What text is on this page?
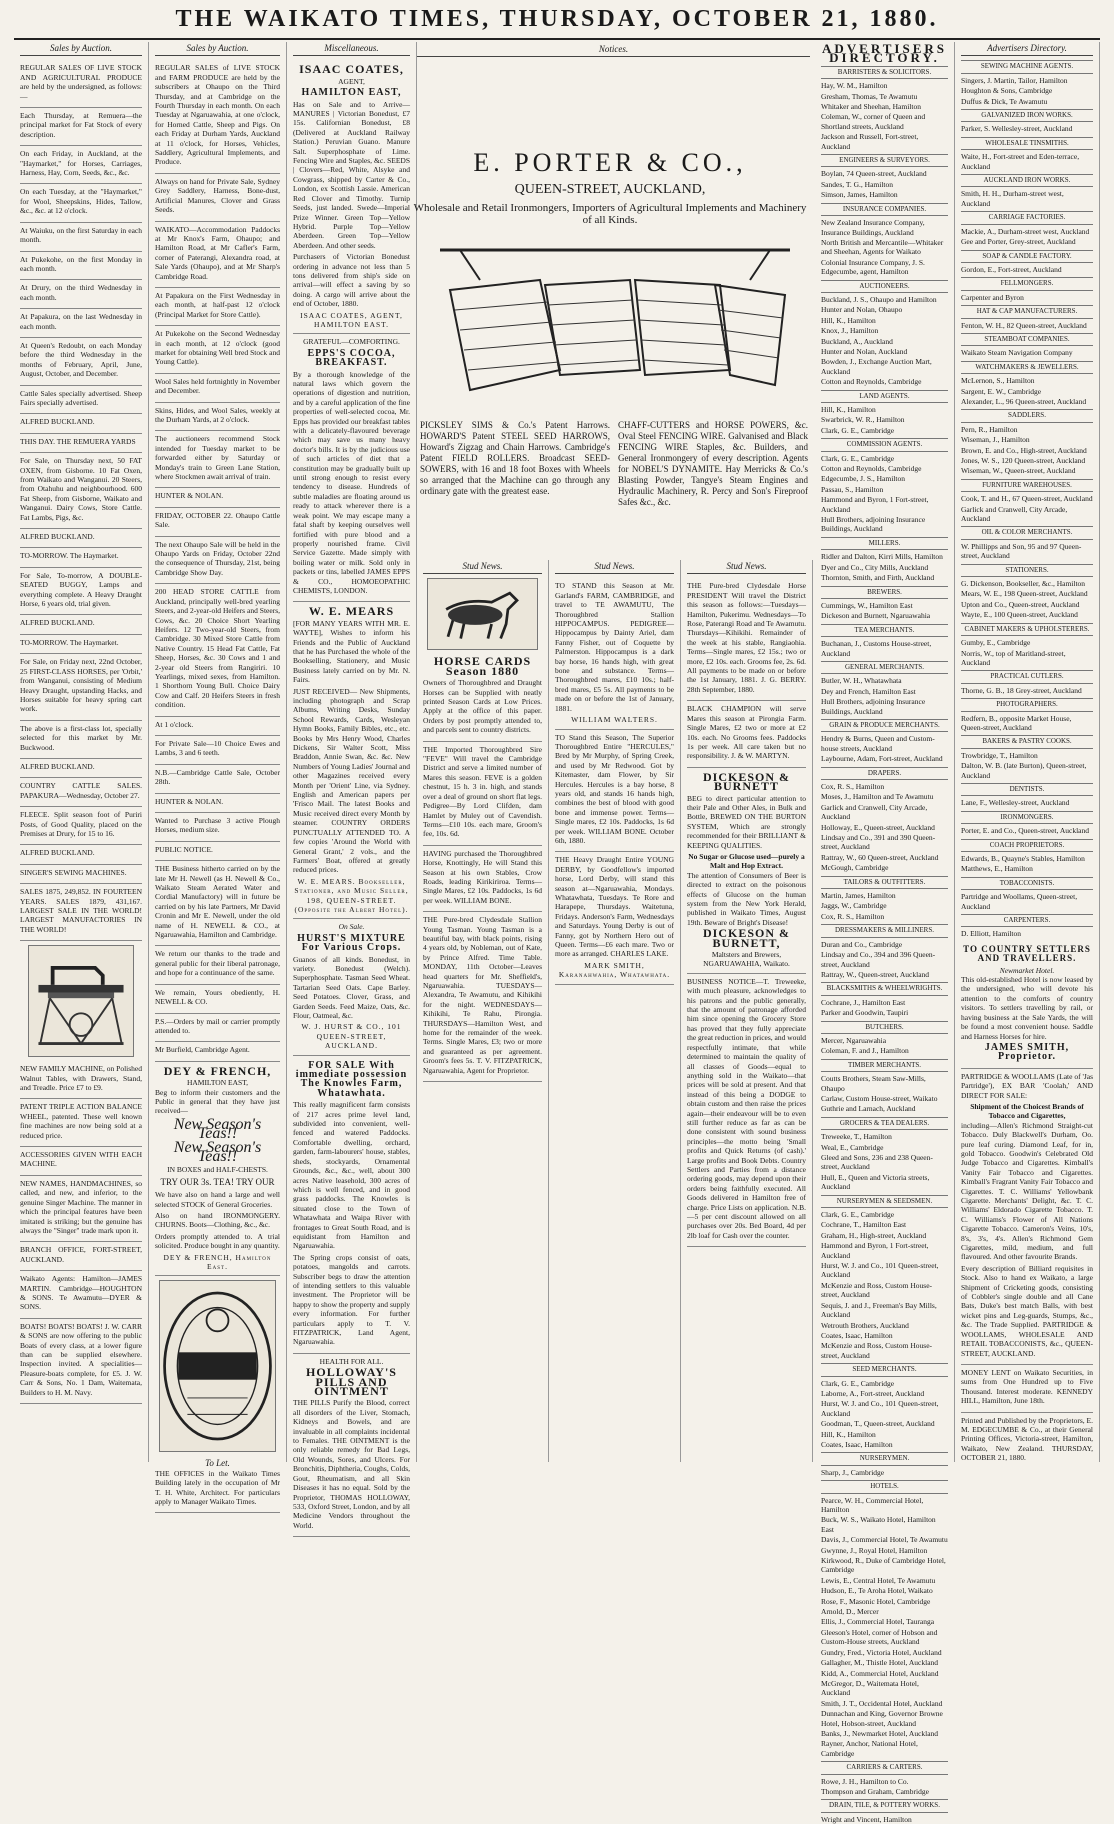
THE WAIKATO TIMES, THURSDAY, OCTOBER 21, 1880.
Sales by Auction.

REGULAR SALES OF LIVE STOCK AND AGRICULTURAL PRODUCE are held by the undersigned, as follows:—

Each Thursday, at Remuera—the principal market for Fat Stock of every description.

On each Friday, in Auckland, at the "Haymarket," for Horses, Carriages, Harness, Hay, Corn, Seeds, &c., &c.

On each Tuesday, at the "Haymarket," for Wool, Sheepskins, Hides, Tallow, &c., &c. at 12 o'clock.

At Waiuku, on the first Saturday in each month.

At Pukekohe, on the first Monday in each month.

At Drury, on the third Wednesday in each month.

At Papakura, on the last Wednesday in each month.

At Queen's Redoubt, on each Monday before the third Wednesday in the months of February, April, June, August, October, and December.

Cattle Sales specially advertised. Sheep Fairs specially advertised.

ALFRED BUCKLAND.

THIS DAY. THE REMUERA YARDS

For Sale, on Thursday next, 50 FAT OXEN, from Gisborne. 10 Fat Oxen, from Waikato and Wanganui. 20 Steers, from Otahuhu and neighbourhood. 600 Fat Sheep, from Gisborne, Waikato and Wanganui. Dairy Cows, Store Cattle. Fat Lambs, Pigs, &c.

ALFRED BUCKLAND.

TO-MORROW. The Haymarket.

For Sale, To-morrow, A DOUBLE-SEATED BUGGY, Lamps and everything complete. A Heavy Draught Horse, 6 years old, trial given.

ALFRED BUCKLAND.

TO-MORROW. The Haymarket.

For Sale, on Friday next, 22nd October, 25 FIRST-CLASS HORSES, per 'Orbit,' from Wanganui, consisting of Medium Heavy Draught, upstanding Hacks, and Horses suitable for heavy spring cart work.

The above is a first-class lot, specially selected for this market by Mr. Buckwood.

ALFRED BUCKLAND.

COUNTRY CATTLE SALES. PAPAKURA—Wednesday, October 27.

FLEECE. Split season foot of Puriri Posts, of Good Quality, placed on the Premises at Drury, for 15 to 16.

ALFRED BUCKLAND.

SINGER'S SEWING MACHINES.

SALES 1875, 249,852. IN FOURTEEN YEARS. SALES 1879, 431,167. LARGEST SALE IN THE WORLD! LARGEST MANUFACTORIES IN THE WORLD!

NEW FAMILY MACHINE, on Polished Walnut Tables, with Drawers, Stand, and Treadle. Price £7 to £9.

PATENT TRIPLE ACTION BALANCE WHEEL, patented. These well known fine machines are now being sold at a reduced price.

ACCESSORIES GIVEN WITH EACH MACHINE.

NEW NAMES, HANDMACHINES, so called, and new, and inferior, to the genuine Singer Machine. The manner in which the principal features have been imitated is striking; but the genuine has always the "Singer" trade mark upon it.

BRANCH OFFICE, FORT-STREET, AUCKLAND.

Waikato Agents: Hamilton—JAMES MARTIN. Cambridge—HOUGHTON & SONS. Te Awamutu—DYER & SONS.

BOATS! BOATS! BOATS! J. W. CARR & SONS are now offering to the public Boats of every class, at a lower figure than can be supplied elsewhere. Inspection invited. A specialities—Pleasure-boats complete, for £5. J. W. Carr & Sons, No. 1 Dam, Waitemata, Builders to H. M. Navy.

Sales by Auction.

REGULAR SALES of LIVE STOCK and FARM PRODUCE are held by the subscribers at Ohaupo on the Third Thursday, and at Cambridge on the Fourth Thursday in each month. On each Tuesday at Ngaruawahia, at one o'clock, for Horned Cattle, Sheep and Pigs. On each Friday at Durham Yards, Auckland at 11 o'clock, for Horses, Vehicles, Saddlery, Agricultural Implements, and Produce.

Always on hand for Private Sale, Sydney Grey Saddlery, Harness, Bone-dust, Artificial Manures, Clover and Grass Seeds.

WAIKATO—Accommodation Paddocks at Mr Knox's Farm, Ohaupo; and Hamilton Road, at Mr Cafler's Farm, corner of Paterangi, Alexandra road, at Sale Yards (Ohaupo), and at Mr Sharp's Cambridge Road.

At Papakura on the First Wednesday in each month, at half-past 12 o'clock (Principal Market for Store Cattle).

At Pukekohe on the Second Wednesday in each month, at 12 o'clock (good market for obtaining Well bred Stock and Young Cattle).

Wool Sales held fortnightly in November and December.

Skins, Hides, and Wool Sales, weekly at the Durham Yards, at 2 o'clock.

The auctioneers recommend Stock intended for Tuesday market to be forwarded either by Saturday or Monday's train to Green Lane Station, where Stockmen await arrival of train.

HUNTER & NOLAN.

FRIDAY, OCTOBER 22. Ohaupo Cattle Sale.

The next Ohaupo Sale will be held in the Ohaupo Yards on Friday, October 22nd the consequence of Thursday, 21st, being Cambridge Show Day.

200 HEAD STORE CATTLE from Auckland, principally well-bred yearling Steers, and 2-year-old Heifers and Steers, Cows, &c. 20 Choice Short Yearling Heifers. 12 Two-year-old Steers, from Cambridge. 30 Mixed Store Cattle from Native Country. 15 Head Fat Cattle, Fat Sheep, Horses, &c. 30 Cows and 1 and 2-year old Steers from Rangiriri. 10 Yearlings, mixed sexes, from Hamilton. 1 Shorthorn Young Bull. Choice Dairy Cow and Calf. 20 Heifers Steers in fresh condition.

At 1 o'clock.

For Private Sale—10 Choice Ewes and Lambs, 3 and 6 teeth.

N.B.—Cambridge Cattle Sale, October 28th.

HUNTER & NOLAN.

Wanted to Purchase 3 active Plough Horses, medium size.

PUBLIC NOTICE.

THE Business hitherto carried on by the late Mr H. Newell (as H. Newell & Co., Waikato Steam Aerated Water and Cordial Manufactory) will in future be carried on by his late Partners, Mr David Cronin and Mr E. Newell, under the old name of H. NEWELL & CO., at Ngaruawahia, Hamilton and Cambridge.

We return our thanks to the trade and general public for their liberal patronage, and hope for a continuance of the same.

We remain, Yours obediently, H. NEWELL & CO.

P.S.—Orders by mail or carrier promptly attended to.

Mr Burfield, Cambridge Agent.

DEY & FRENCH,
HAMILTON EAST,

Beg to inform their customers and the Public in general that they have just received—

New Season's Teas!!
New Season's Teas!!
IN BOXES and HALF-CHESTS.
TRY OUR 3s. TEA! TRY OUR

We have also on hand a large and well selected STOCK of General Groceries.

Also on hand IRONMONGERY. CHURNS. Boots—Clothing, &c., &c.

Orders promptly attended to. A trial solicited. Produce bought in any quantity.

DEY & FRENCH, Hamilton East.
To Let.

THE OFFICES in the Waikato Times Building lately in the occupation of Mr T. H. White, Architect. For particulars apply to Manager Waikato Times.

Miscellaneous.
ISAAC COATES,
AGENT,
HAMILTON EAST,

Has on Sale and to Arrive— MANURES | Victorian Bonedust, £7 15s. Californian Bonedust, £8 (Delivered at Auckland Railway Station.) Peruvian Guano. Manure Salt. Superphosphate of Lime. Fencing Wire and Staples, &c. SEEDS | Clovers—Red, White, Alsyke and Cowgrass, shipped by Carter & Co., London, ex Scottish Lassie. American Red Clover and Timothy. Turnip Seeds, just landed. Swede—Imperial Prize Winner. Green Top—Yellow Hybrid. Purple Top—Yellow Aberdeen. Green Top—Yellow Aberdeen. And other seeds.

Purchasers of Victorian Bonedust ordering in advance not less than 5 tons delivered from ship's side on arrival—will effect a saving by so doing. A cargo will arrive about the end of October, 1880.

ISAAC COATES, AGENT, HAMILTON EAST.
GRATEFUL—COMFORTING.
EPPS'S COCOA, BREAKFAST.

By a thorough knowledge of the natural laws which govern the operations of digestion and nutrition, and by a careful application of the fine properties of well-selected cocoa, Mr. Epps has provided our breakfast tables with a delicately-flavoured beverage which may save us many heavy doctor's bills. It is by the judicious use of such articles of diet that a constitution may be gradually built up until strong enough to resist every tendency to disease. Hundreds of subtle maladies are floating around us ready to attack wherever there is a weak point. We may escape many a fatal shaft by keeping ourselves well fortified with pure blood and a properly nourished frame. Civil Service Gazette. Made simply with boiling water or milk. Sold only in packets or tins, labelled JAMES EPPS & CO., HOMOEOPATHIC CHEMISTS, LONDON.

W. E. MEARS

[FOR MANY YEARS WITH MR. E. WAYTE], Wishes to inform his Friends and the Public of Auckland that he has Purchased the whole of the Bookselling, Stationery, and Music Business lately carried on by Mr. N. Fairs.

JUST RECEIVED— New Shipments, including photograph and Scrap Albums, Writing Desks, Sunday School Rewards, Cards, Wesleyan Hymn Books, Family Bibles, etc., etc. Books by Mrs Henry Wood, Charles Dickens, Sir Walter Scott, Miss Braddon, Annie Swan, &c. &c. New Numbers of Young Ladies' Journal and other Magazines received every Month per 'Orient' Line, via Sydney. English and American papers per 'Frisco Mail. The latest Books and Music received direct every Month by steamer. COUNTRY ORDERS PUNCTUALLY ATTENDED TO. A few copies 'Around the World with General Grant,' 2 vols., and the Farmers' Boat, offered at greatly reduced prices.

W. E. MEARS. Bookseller, Stationer, and Music Seller, 198, QUEEN-STREET. (Opposite the Albert Hotel).
On Sale.
HURST'S MIXTURE For Various Crops.

Guanos of all kinds. Bonedust, in variety. Bonedust (Welch). Superphosphate. Tasman Seed Wheat. Tartarian Seed Oats. Cape Barley. Seed Potatoes. Clover, Grass, and Garden Seeds. Feed Maize, Oats, &c. Flour, Oatmeal, &c.

W. J. HURST & CO., 101 QUEEN-STREET, AUCKLAND.
FOR SALE With immediate possession The Knowles Farm, Whatawhata.

This really magnificent farm consists of 217 acres prime level land, subdivided into convenient, well-fenced and watered Paddocks. Comfortable dwelling, orchard, garden, farm-labourers' house, stables, sheds, stockyards, Ornamental Grounds, &c., &c., well, about 300 acres Native leasehold, 300 acres of which is well fenced, and in good grass paddocks. The Knowles is situated close to the Town of Whatawhata and Waipa River with frontages to Great South Road, and is equidistant from Hamilton and Ngaruawahia.

The Spring crops consist of oats, potatoes, mangolds and carrots. Subscriber begs to draw the attention of intending settlers to this valuable investment. The Proprietor will be happy to show the property and supply every information. For further particulars apply to T. V. FITZPATRICK, Land Agent, Ngaruawahia.

HEALTH FOR ALL.
HOLLOWAY'S PILLS AND OINTMENT

THE PILLS Purify the Blood, correct all disorders of the Liver, Stomach, Kidneys and Bowels, and are invaluable in all complaints incidental to Females. THE OINTMENT is the only reliable remedy for Bad Legs, Old Wounds, Sores, and Ulcers. For Bronchitis, Diphtheria, Coughs, Colds, Gout, Rheumatism, and all Skin Diseases it has no equal. Sold by the Proprietor, THOMAS HOLLOWAY, 533, Oxford Street, London, and by all Medicine Vendors throughout the World.

Notices.
E. PORTER & CO.,
QUEEN-STREET, AUCKLAND,
Wholesale and Retail Ironmongers, Importers of Agricultural Implements and Machinery of all Kinds.

PICKSLEY SIMS & Co.'s Patent Harrows. HOWARD'S Patent STEEL SEED HARROWS, Howard's Zigzag and Chain Harrows. Cambridge's Patent FIELD ROLLERS. Broadcast SEED-SOWERS, with 16 and 18 foot Boxes with Wheels so arranged that the Machine can go through any ordinary gate with the greatest ease.

CHAFF-CUTTERS and HORSE POWERS, &c. Oval Steel FENCING WIRE. Galvanised and Black FENCING WIRE Staples, &c. Builders, and General Ironmongery of every description. Agents for NOBEL'S DYNAMITE. Hay Merricks & Co.'s Blasting Powder, Tangye's Steam Engines and Hydraulic Machinery, R. Percy and Son's Fireproof Safes &c., &c.

Stud News.
HORSE CARDS Season 1880

Owners of Thoroughbred and Draught Horses can be Supplied with neatly printed Season Cards at Low Prices. Apply at the office of this paper. Orders by post promptly attended to, and parcels sent to country districts.

THE Imported Thoroughbred Sire "FEVE" Will travel the Cambridge District and serve a limited number of Mares this season. FEVE is a golden chestnut, 15 h. 3 in. high, and stands over a deal of ground on short flat legs. Pedigree—By Lord Clifden, dam Hamlet by Muley out of Cavendish. Terms—£10 10s. each mare, Groom's fee, 10s. 6d.

HAVING purchased the Thoroughbred Horse, Knottingly, He will Stand this Season at his own Stables, Crow Roads, leading Kirikiriroa. Terms—Single Mares, £2 10s. Paddocks, 1s 6d per week. WILLIAM BONE.

THE Pure-bred Clydesdale Stallion Young Tasman. Young Tasman is a beautiful bay, with black points, rising 4 years old, by Nobleman, out of Kate, by Prince Alfred. Time Table. MONDAY, 11th October—Leaves head quarters for Mr. Sheffield's, Ngaruawahia. TUESDAYS—Alexandra, Te Awamutu, and Kihikihi for the night. WEDNESDAYS—Kihikihi, Te Rahu, Pirongia. THURSDAYS—Hamilton West, and home for the remainder of the week. Terms. Single Mares, £3; two or more and guaranteed as per agreement. Groom's fees 5s. T. V. FITZPATRICK, Ngaruawahia, Agent for Proprietor.

Stud News.

TO STAND this Season at Mr. Garland's FARM, CAMBRIDGE, and travel to TE AWAMUTU, The Thoroughbred Stallion HIPPOCAMPUS. PEDIGREE—Hippocampus by Dainty Ariel, dam Fanny Fisher, out of Coquette by Palmerston. Hippocampus is a dark bay horse, 16 hands high, with great bone and substance. Terms—Thoroughbred mares, £10 10s.; half-bred mares, £5 5s. All payments to be made on or before the 1st of January, 1881.

WILLIAM WALTERS.

TO Stand this Season, The Superior Thoroughbred Entire "HERCULES," Bred by Mr Murphy, of Spring Creek, and used by Mr Redwood. Got by Kitemaster, dam Flower, by Sir Hercules. Hercules is a bay horse, 8 years old, and stands 16 hands high, combines the best of blood with good bone and immense power. Terms—Single mares, £2 10s. Paddocks, 1s 6d per week. WILLIAM BONE. October 6th, 1880.

THE Heavy Draught Entire YOUNG DERBY, by Goodfellow's imported horse, Lord Derby, will stand this season at—Ngaruawahia, Mondays. Whatawhata, Tuesdays. Te Rore and Harapepe, Thursdays. Waitetuna, Fridays. Anderson's Farm, Wednesdays and Saturdays. Young Derby is out of Fanny, got by Northern Hero out of Queen. Terms—£6 each mare. Two or more as arranged. CHARLES LAKE.

MARK SMITH, Karanahwahia, Whatawhata.
Stud News.

THE Pure-bred Clydesdale Horse PRESIDENT Will travel the District this season as follows:—Tuesdays—Hamilton, Pukerimu. Wednesdays—To Rose, Paterangi Road and Te Awamutu. Thursdays—Kihikihi. Remainder of the week at his stable, Rangiaohia. Terms—Single mares, £2 15s.; two or more, £2 10s. each. Grooms fee, 2s. 6d. All payments to be made on or before the 1st January, 1881. J. G. BERRY. 28th September, 1880.

BLACK CHAMPION will serve Mares this season at Pirongia Farm. Single Mares, £2 two or more at £2 10s. each. No Grooms fees. Paddocks 1s per week. All care taken but no responsibility. J. & W. MARTYN.

DICKESON & BURNETT

BEG to direct particular attention to their Pale and Other Ales, in Bulk and Bottle, BREWED ON THE BURTON SYSTEM, Which are strongly recommended for their BRILLIANT & KEEPING QUALITIES.

No Sugar or Glucose used—purely a Malt and Hop Extract.

The attention of Consumers of Beer is directed to extract on the poisonous effects of Glucose on the human system from the New York Herald, published in Waikato Times, August 19th. Beware of Bright's Disease!

DICKESON & BURNETT,
Maltsters and Brewers, NGARUAWAHIA, Waikato.

BUSINESS NOTICE—T. Treweeke, with much pleasure, acknowledges to his patrons and the public generally, that the amount of patronage afforded him since opening the Grocery Store has proved that they fully appreciate the great reduction in prices, and would respectfully intimate, that while determined to maintain the quality of all classes of Goods—equal to anything sold in the Waikato—that prices will be sold at present. And that instead of this being a DODGE to obtain custom and then raise the prices again—their endeavour will be to even still further reduce as far as can be done consistent with sound business principles—the motto being 'Small profits and Quick Returns (of cash).' Large profits and Book Debts. Country Settlers and Parties from a distance ordering goods, may depend upon their orders being faithfully executed. All Goods delivered in Hamilton free of charge. Price Lists on application. N.B.—5 per cent discount allowed on all purchases over 20s. Bed Board, 4d per 2lb loaf for Cash over the counter.

ADVERTISERS DIRECTORY.
BARRISTERS & SOLICITORS.
Hay, W. M., Hamilton
Gresham, Thomas, Te Awamutu
Whitaker and Sheehan, Hamilton
Coleman, W., corner of Queen and Shortland streets, Auckland
Jackson and Russell, Fort-street, Auckland
ENGINEERS & SURVEYORS.
Boylan, 74 Queen-street, Auckland
Sandes, T. G., Hamilton
Simson, James, Hamilton
INSURANCE COMPANIES.
New Zealand Insurance Company, Insurance Buildings, Auckland
North British and Mercantile—Whitaker and Sheehan, Agents for Waikato
Colonial Insurance Company, J. S. Edgecumbe, agent, Hamilton
AUCTIONEERS.
Buckland, J. S., Ohaupo and Hamilton
Hunter and Nolan, Ohaupo
Hill, K., Hamilton
Knox, J., Hamilton
Buckland, A., Auckland
Hunter and Nolan, Auckland
Bowden, J., Exchange Auction Mart, Auckland
Cotton and Reynolds, Cambridge
LAND AGENTS.
Hill, K., Hamilton
Swarbrick, W. R., Hamilton
Clark, G. E., Cambridge
COMMISSION AGENTS.
Clark, G. E., Cambridge
Cotton and Reynolds, Cambridge
Edgecumbe, J. S., Hamilton
Passau, S., Hamilton
Hammond and Byron, 1 Fort-street, Auckland
Hull Brothers, adjoining Insurance Buildings, Auckland
MILLERS.
Ridler and Dalton, Kirri Mills, Hamilton
Dyer and Co., City Mills, Auckland
Thornton, Smith, and Firth, Auckland
BREWERS.
Cummings, W., Hamilton East
Dickeson and Burnett, Ngaruawahia
TEA MERCHANTS.
Buchanan, J., Customs House-street, Auckland
GENERAL MERCHANTS.
Butler, W. H., Whatawhata
Dey and French, Hamilton East
Hull Brothers, adjoining Insurance Buildings, Auckland
GRAIN & PRODUCE MERCHANTS.
Hendry & Burns, Queen and Custom-house streets, Auckland
Laybourne, Adam, Fort-street, Auckland
DRAPERS.
Cox, R. S., Hamilton
Moses, J., Hamilton and Te Awamutu
Garlick and Cranwell, City Arcade, Auckland
Holloway, E., Queen-street, Auckland
Lindsay and Co., 391 and 390 Queen-street, Auckland
Rattray, W., 60 Queen-street, Auckland
McGough, Cambridge
TAILORS & OUTFITTERS.
Martin, James, Hamilton
Jaggs, W., Cambridge
Cox, R. S., Hamilton
DRESSMAKERS & MILLINERS.
Duran and Co., Cambridge
Lindsay and Co., 394 and 396 Queen-street, Auckland
Rattray, W., Queen-street, Auckland
BLACKSMITHS & WHEELWRIGHTS.
Cochrane, J., Hamilton East
Parker and Goodwin, Taupiri
BUTCHERS.
Mercer, Ngaruawahia
Coleman, F. and J., Hamilton
TIMBER MERCHANTS.
Coutts Brothers, Steam Saw-Mills, Ohaupo
Carlaw, Custom House-street, Waikato
Guthrie and Larnach, Auckland
GROCERS & TEA DEALERS.
Treweeke, T., Hamilton
Weal, E., Cambridge
Gleed and Sons, 236 and 238 Queen-street, Auckland
Hull, E., Queen and Victoria streets, Auckland
NURSERYMEN & SEEDSMEN.
Clark, G. E., Cambridge
Cochrane, T., Hamilton East
Graham, H., High-street, Auckland
Hammond and Byron, 1 Fort-street, Auckland
Hurst, W. J. and Co., 101 Queen-street, Auckland
McKenzie and Ross, Custom House-street, Auckland
Sequis, J. and J., Freeman's Bay Mills, Auckland
Wetrouth Brothers, Auckland
Coates, Isaac, Hamilton
McKenzie and Ross, Custom House-street, Auckland
SEED MERCHANTS.
Clark, G. E., Cambridge
Laborne, A., Fort-street, Auckland
Hurst, W. J. and Co., 101 Queen-street, Auckland
Goodman, T., Queen-street, Auckland
Hill, K., Hamilton
Coates, Isaac, Hamilton
NURSERYMEN.
Sharp, J., Cambridge
HOTELS.
Pearce, W. H., Commercial Hotel, Hamilton
Buck, W. S., Waikato Hotel, Hamilton East
Davis, J., Commercial Hotel, Te Awamutu
Gwynne, J., Royal Hotel, Hamilton
Kirkwood, R., Duke of Cambridge Hotel, Cambridge
Lewis, E., Central Hotel, Te Awamutu
Hudson, E., Te Aroha Hotel, Waikato
Rose, F., Masonic Hotel, Cambridge
Arnold, D., Mercer
Ellis, J., Commercial Hotel, Tauranga
Gleeson's Hotel, corner of Hobson and Custom-House streets, Auckland
Gundry, Fred., Victoria Hotel, Auckland
Gallagher, M., Thistle Hotel, Auckland
Kidd, A., Commercial Hotel, Auckland
McGregor, D., Waitemata Hotel, Auckland
Smith, J. T., Occidental Hotel, Auckland
Dunnachan and King, Governor Browne Hotel, Hobson-street, Auckland
Banks, J., Newmarket Hotel, Auckland
Rayner, Anchor, National Hotel, Cambridge
CARRIERS & CARTERS.
Rowe, J. H., Hamilton to Co.
Thompson and Graham, Cambridge
DRAIN, TILE, & POTTERY WORKS.
Wright and Vincent, Hamilton
Advertisers Directory.
SEWING MACHINE AGENTS.
Singers, J. Martin, Tailor, Hamilton
Houghton & Sons, Cambridge
Duffus & Dick, Te Awamutu
GALVANIZED IRON WORKS.
Parker, S. Wellesley-street, Auckland
WHOLESALE TINSMITHS.
Waite, H., Fort-street and Eden-terrace, Auckland
AUCKLAND IRON WORKS.
Smith, H. H., Durham-street west, Auckland
CARRIAGE FACTORIES.
Mackie, A., Durham-street west, Auckland
Gee and Porter, Grey-street, Auckland
SOAP & CANDLE FACTORY.
Gordon, E., Fort-street, Auckland
FELLMONGERS.
Carpenter and Byron
HAT & CAP MANUFACTURERS.
Fenton, W. H., 82 Queen-street, Auckland
STEAMBOAT COMPANIES.
Waikato Steam Navigation Company
WATCHMAKERS & JEWELLERS.
McLernon, S., Hamilton
Sargent, E. W., Cambridge
Alexander, L., 96 Queen-street, Auckland
SADDLERS.
Pern, R., Hamilton
Wiseman, J., Hamilton
Brown, E. and Co., High-street, Auckland
Jones, W. S., 120 Queen-street, Auckland
Wiseman, W., Queen-street, Auckland
FURNITURE WAREHOUSES.
Cook, T. and H., 67 Queen-street, Auckland
Garlick and Cranwell, City Arcade, Auckland
OIL & COLOR MERCHANTS.
W. Phillipps and Son, 95 and 97 Queen-street, Auckland
STATIONERS.
G. Dickenson, Bookseller, &c., Hamilton
Mears, W. E., 198 Queen-street, Auckland
Upton and Co., Queen-street, Auckland
Wayte, E., 100 Queen-street, Auckland
CABINET MAKERS & UPHOLSTERERS.
Gumby, E., Cambridge
Norris, W., top of Maritland-street, Auckland
PRACTICAL CUTLERS.
Thorne, G. B., 18 Grey-street, Auckland
PHOTOGRAPHERS.
Redfern, B., opposite Market House, Queen-street, Auckland
BAKERS & PASTRY COOKS.
Trowbridge, T., Hamilton
Dalton, W. B. (late Burton), Queen-street, Auckland
DENTISTS.
Lane, F., Wellesley-street, Auckland
IRONMONGERS.
Porter, E. and Co., Queen-street, Auckland
COACH PROPRIETORS.
Edwards, B., Quayne's Stables, Hamilton
Matthews, E., Hamilton
TOBACCONISTS.
Partridge and Woollams, Queen-street, Auckland
CARPENTERS.
D. Elliott, Hamilton
TO COUNTRY SETTLERS AND TRAVELLERS.
Newmarket Hotel.

This old-established Hotel is now leased by the undersigned, who will devote his attention to the comforts of country visitors. To settlers travelling by rail, or having business at the Sale Yards, the will be found a most convenient house. Saddle and Harness Horses for hire.

JAMES SMITH, Proprietor.

PARTRIDGE & WOOLLAMS (Late of 'Jas Partridge'), EX BAR 'Coolah,' AND DIRECT FOR SALE:

Shipment of the Choicest Brands of Tobacco and Cigarettes,

including—Allen's Richmond Straight-cut Tobacco. Duly Blackwell's Durham, Oo. pure leaf curing. Diamond Leaf, for in, gold Tobacco. Goodwin's Celebrated Old Judge Tobacco and Cigarettes. Kimball's Vanity Fair Tobacco and Cigarettes. Kimball's Fragrant Vanity Fair Tobacco and Cigarettes. T. C. Williams' Yellowbank Cigarette. Merchants' Delight, &c. T. C. Williams' Eldorado Cigarette Tobacco. T. C. Williams's Flower of All Nations Cigarette Tobacco. Cameron's Veins, 10's, 8's, 3's, 4's. Allen's Richmond Gem Cigarettes, mild, medium, and full flavoured. And other favourite Brands.

Every description of Billiard requisites in Stock. Also to hand ex Waikato, a large Shipment of Cricketing goods, consisting of Cobbler's single double and all Cane Bats, Duke's best match Balls, with best wicket pins and Leg-guards, Stumps, &c., &c. The Trade Supplied. PARTRIDGE & WOOLLAMS, WHOLESALE AND RETAIL TOBACCONISTS, &c., QUEEN-STREET, AUCKLAND.

MONEY LENT on Waikato Securities, in sums from One Hundred up to Five Thousand. Interest moderate. KENNEDY HILL, Hamilton, June 18th.

Printed and Published by the Proprietors, E. M. EDGECUMBE & Co., at their General Printing Offices, Victoria-street, Hamilton, Waikato, New Zealand. THURSDAY, OCTOBER 21, 1880.
